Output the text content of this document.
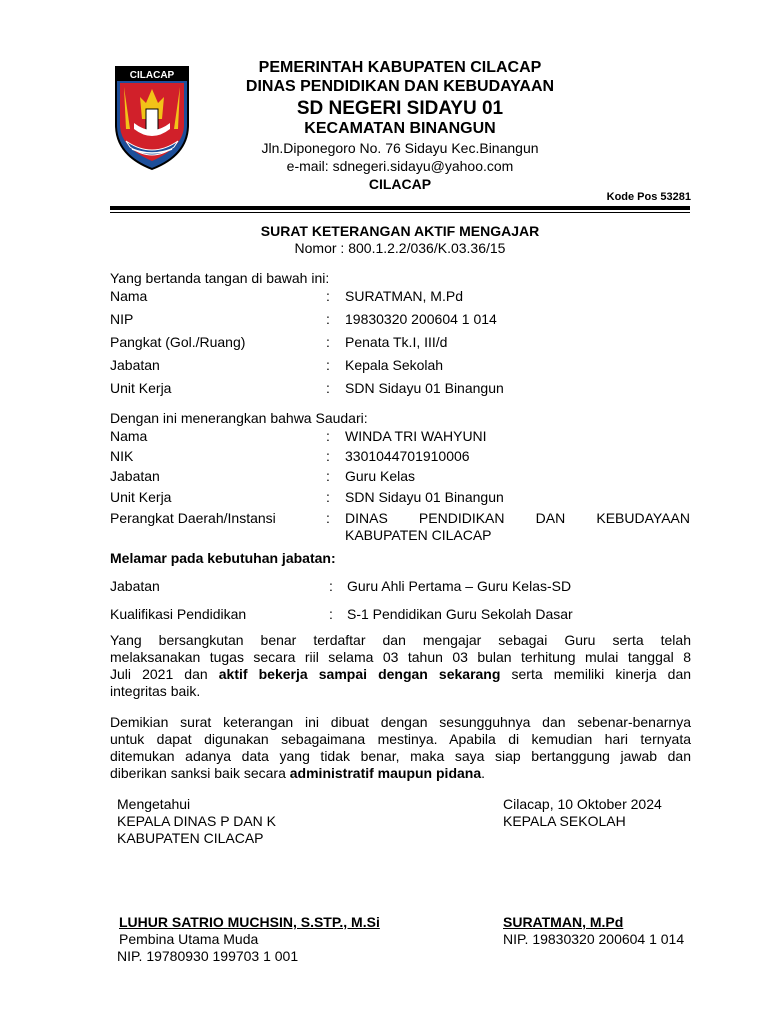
CILACAP	PEMERINTAH KABUPATEN CILACAP
DINAS PENDIDIKAN DAN KEBUDAYAAN
SD NEGERI SIDAYU 01
KECAMATAN BINANGUN
Jln.Diponegoro No. 76 Sidayu Kec.Binangun
e-mail: sdnegeri.sidayu@yahoo.com
CILACAP
Kode Pos 53281
SURAT KETERANGAN AKTIF MENGAJAR
Nomor : 800.1.2.2/036/K.03.36/15
Yang bertanda tangan di bawah ini:
Nama	: SURATMAN, M.Pd
NIP	: 19830320 200604 1 014
Pangkat (Gol./Ruang)	: Penata Tk.I, III/d
Jabatan	: Kepala Sekolah
Unit Kerja	: SDN Sidayu 01 Binangun
Dengan ini menerangkan bahwa Saudari:
Nama	: WINDA TRI WAHYUNI
NIK	: 3301044701910006
Jabatan	: Guru Kelas
Unit Kerja	: SDN Sidayu 01 Binangun
Perangkat Daerah/Instansi	: DINAS PENDIDIKAN DAN KEBUDAYAAN
KABUPATEN CILACAP
Melamar pada kebutuhan jabatan:
Jabatan	: Guru Ahli Pertama – Guru Kelas-SD
Kualifikasi Pendidikan	: S-1 Pendidikan Guru Sekolah Dasar
Yang bersangkutan benar terdaftar dan mengajar sebagai Guru serta telah
melaksanakan tugas secara riil selama 03 tahun 03 bulan terhitung mulai tanggal 8
Juli 2021 dan aktif bekerja sampai dengan sekarang serta memiliki kinerja dan
integritas baik.
Demikian surat keterangan ini dibuat dengan sesungguhnya dan sebenar-benarnya
untuk dapat digunakan sebagaimana mestinya. Apabila di kemudian hari ternyata
ditemukan adanya data yang tidak benar, maka saya siap bertanggung jawab dan
diberikan sanksi baik secara administratif maupun pidana.
Mengetahui
KEPALA DINAS P DAN K
KABUPATEN CILACAP
LUHUR SATRIO MUCHSIN, S.STP., M.Si
Pembina Utama Muda
NIP. 19780930 199703 1 001
Cilacap, 10 Oktober 2024
KEPALA SEKOLAH
SURATMAN, M.Pd
NIP. 19830320 200604 1 014
